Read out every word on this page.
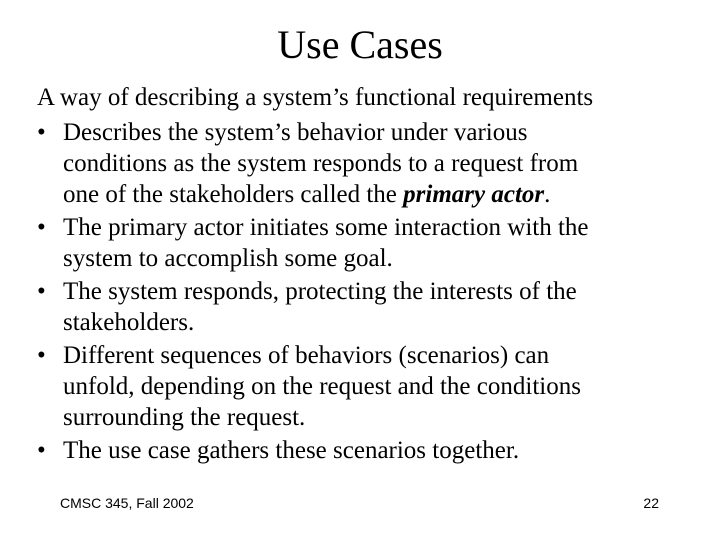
Use Cases
A way of describing a system’s functional requirements
• Describes the system’s behavior under various
conditions as the system responds to a request from
one of the stakeholders called the primary actor.
• The primary actor initiates some interaction with the
system to accomplish some goal.
• The system responds, protecting the interests of the
stakeholders.
• Different sequences of behaviors (scenarios) can
unfold, depending on the request and the conditions
surrounding the request.
• The use case gathers these scenarios together.
CMSC 345, Fall 2002	22
